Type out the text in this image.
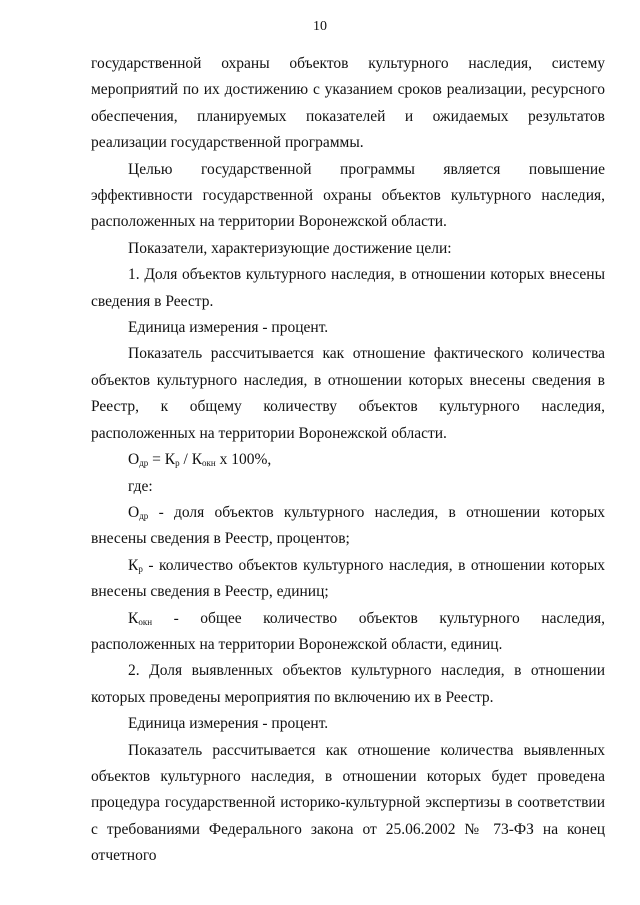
10

государственной охраны объектов культурного наследия, систему мероприятий по их достижению с указанием сроков реализации, ресурсного обеспечения, планируемых показателей и ожидаемых результатов реализации государственной программы.

Целью государственной программы является повышение эффективности государственной охраны объектов культурного наследия, расположенных на территории Воронежской области.

Показатели, характеризующие достижение цели:

1. Доля объектов культурного наследия, в отношении которых внесены сведения в Реестр.

Единица измерения - процент.

Показатель рассчитывается как отношение фактического количества объектов культурного наследия, в отношении которых внесены сведения в Реестр, к общему количеству объектов культурного наследия, расположенных на территории Воронежской области.

$О_{др} = К_р / К_{окн}$ х 100%,

где:

$О_{др}$ - доля объектов культурного наследия, в отношении которых внесены сведения в Реестр, процентов;

$К_р$ - количество объектов культурного наследия, в отношении которых внесены сведения в Реестр, единиц;

$К_{окн}$ - общее количество объектов культурного наследия, расположенных на территории Воронежской области, единиц.

2. Доля выявленных объектов культурного наследия, в отношении которых проведены мероприятия по включению их в Реестр.

Единица измерения - процент.

Показатель рассчитывается как отношение количества выявленных объектов культурного наследия, в отношении которых будет проведена процедура государственной историко-культурной экспертизы в соответствии с требованиями Федерального закона от 25.06.2002 № 73-ФЗ на конец отчетного
